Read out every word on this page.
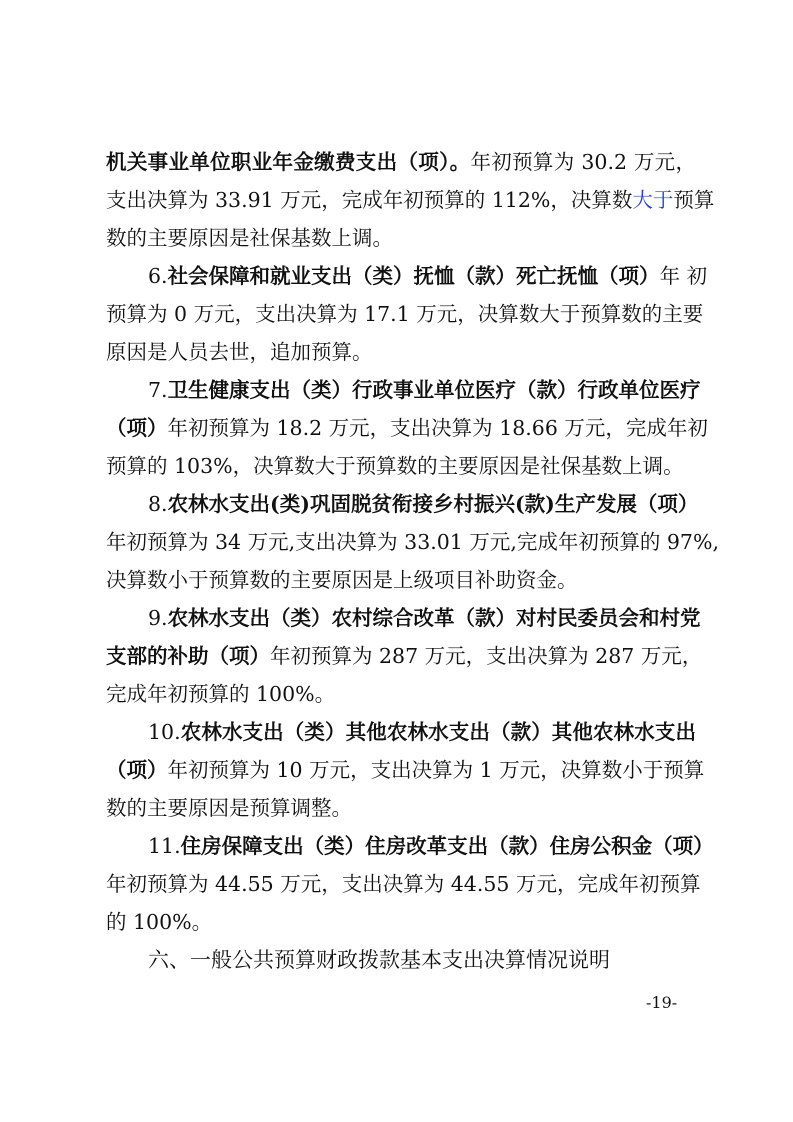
机关事业单位职业年金缴费支出（项）。年初预算为 30.2 万元，
支出决算为 33.91 万元，完成年初预算的 112%，决算数大于预算
数的主要原因是社保基数上调。
6.社会保障和就业支出（类）抚恤（款）死亡抚恤（项）年 初
预算为 0 万元，支出决算为 17.1 万元，决算数大于预算数的主要
原因是人员去世，追加预算。
7.卫生健康支出（类）行政事业单位医疗（款）行政单位医疗
（项）年初预算为 18.2 万元，支出决算为 18.66 万元，完成年初
预算的 103%，决算数大于预算数的主要原因是社保基数上调。
8.农林水支出(类)巩固脱贫衔接乡村振兴(款)生产发展（项）
年初预算为 34 万元,支出决算为 33.01 万元,完成年初预算的 97%,
决算数小于预算数的主要原因是上级项目补助资金。
9.农林水支出（类）农村综合改革（款）对村民委员会和村党
支部的补助（项）年初预算为 287 万元，支出决算为 287 万元，
完成年初预算的 100%。
10.农林水支出（类）其他农林水支出（款）其他农林水支出
（项）年初预算为 10 万元，支出决算为 1 万元，决算数小于预算
数的主要原因是预算调整。
11.住房保障支出（类）住房改革支出（款）住房公积金（项）
年初预算为 44.55 万元，支出决算为 44.55 万元，完成年初预算
的 100%。
六、一般公共预算财政拨款基本支出决算情况说明
-19-
